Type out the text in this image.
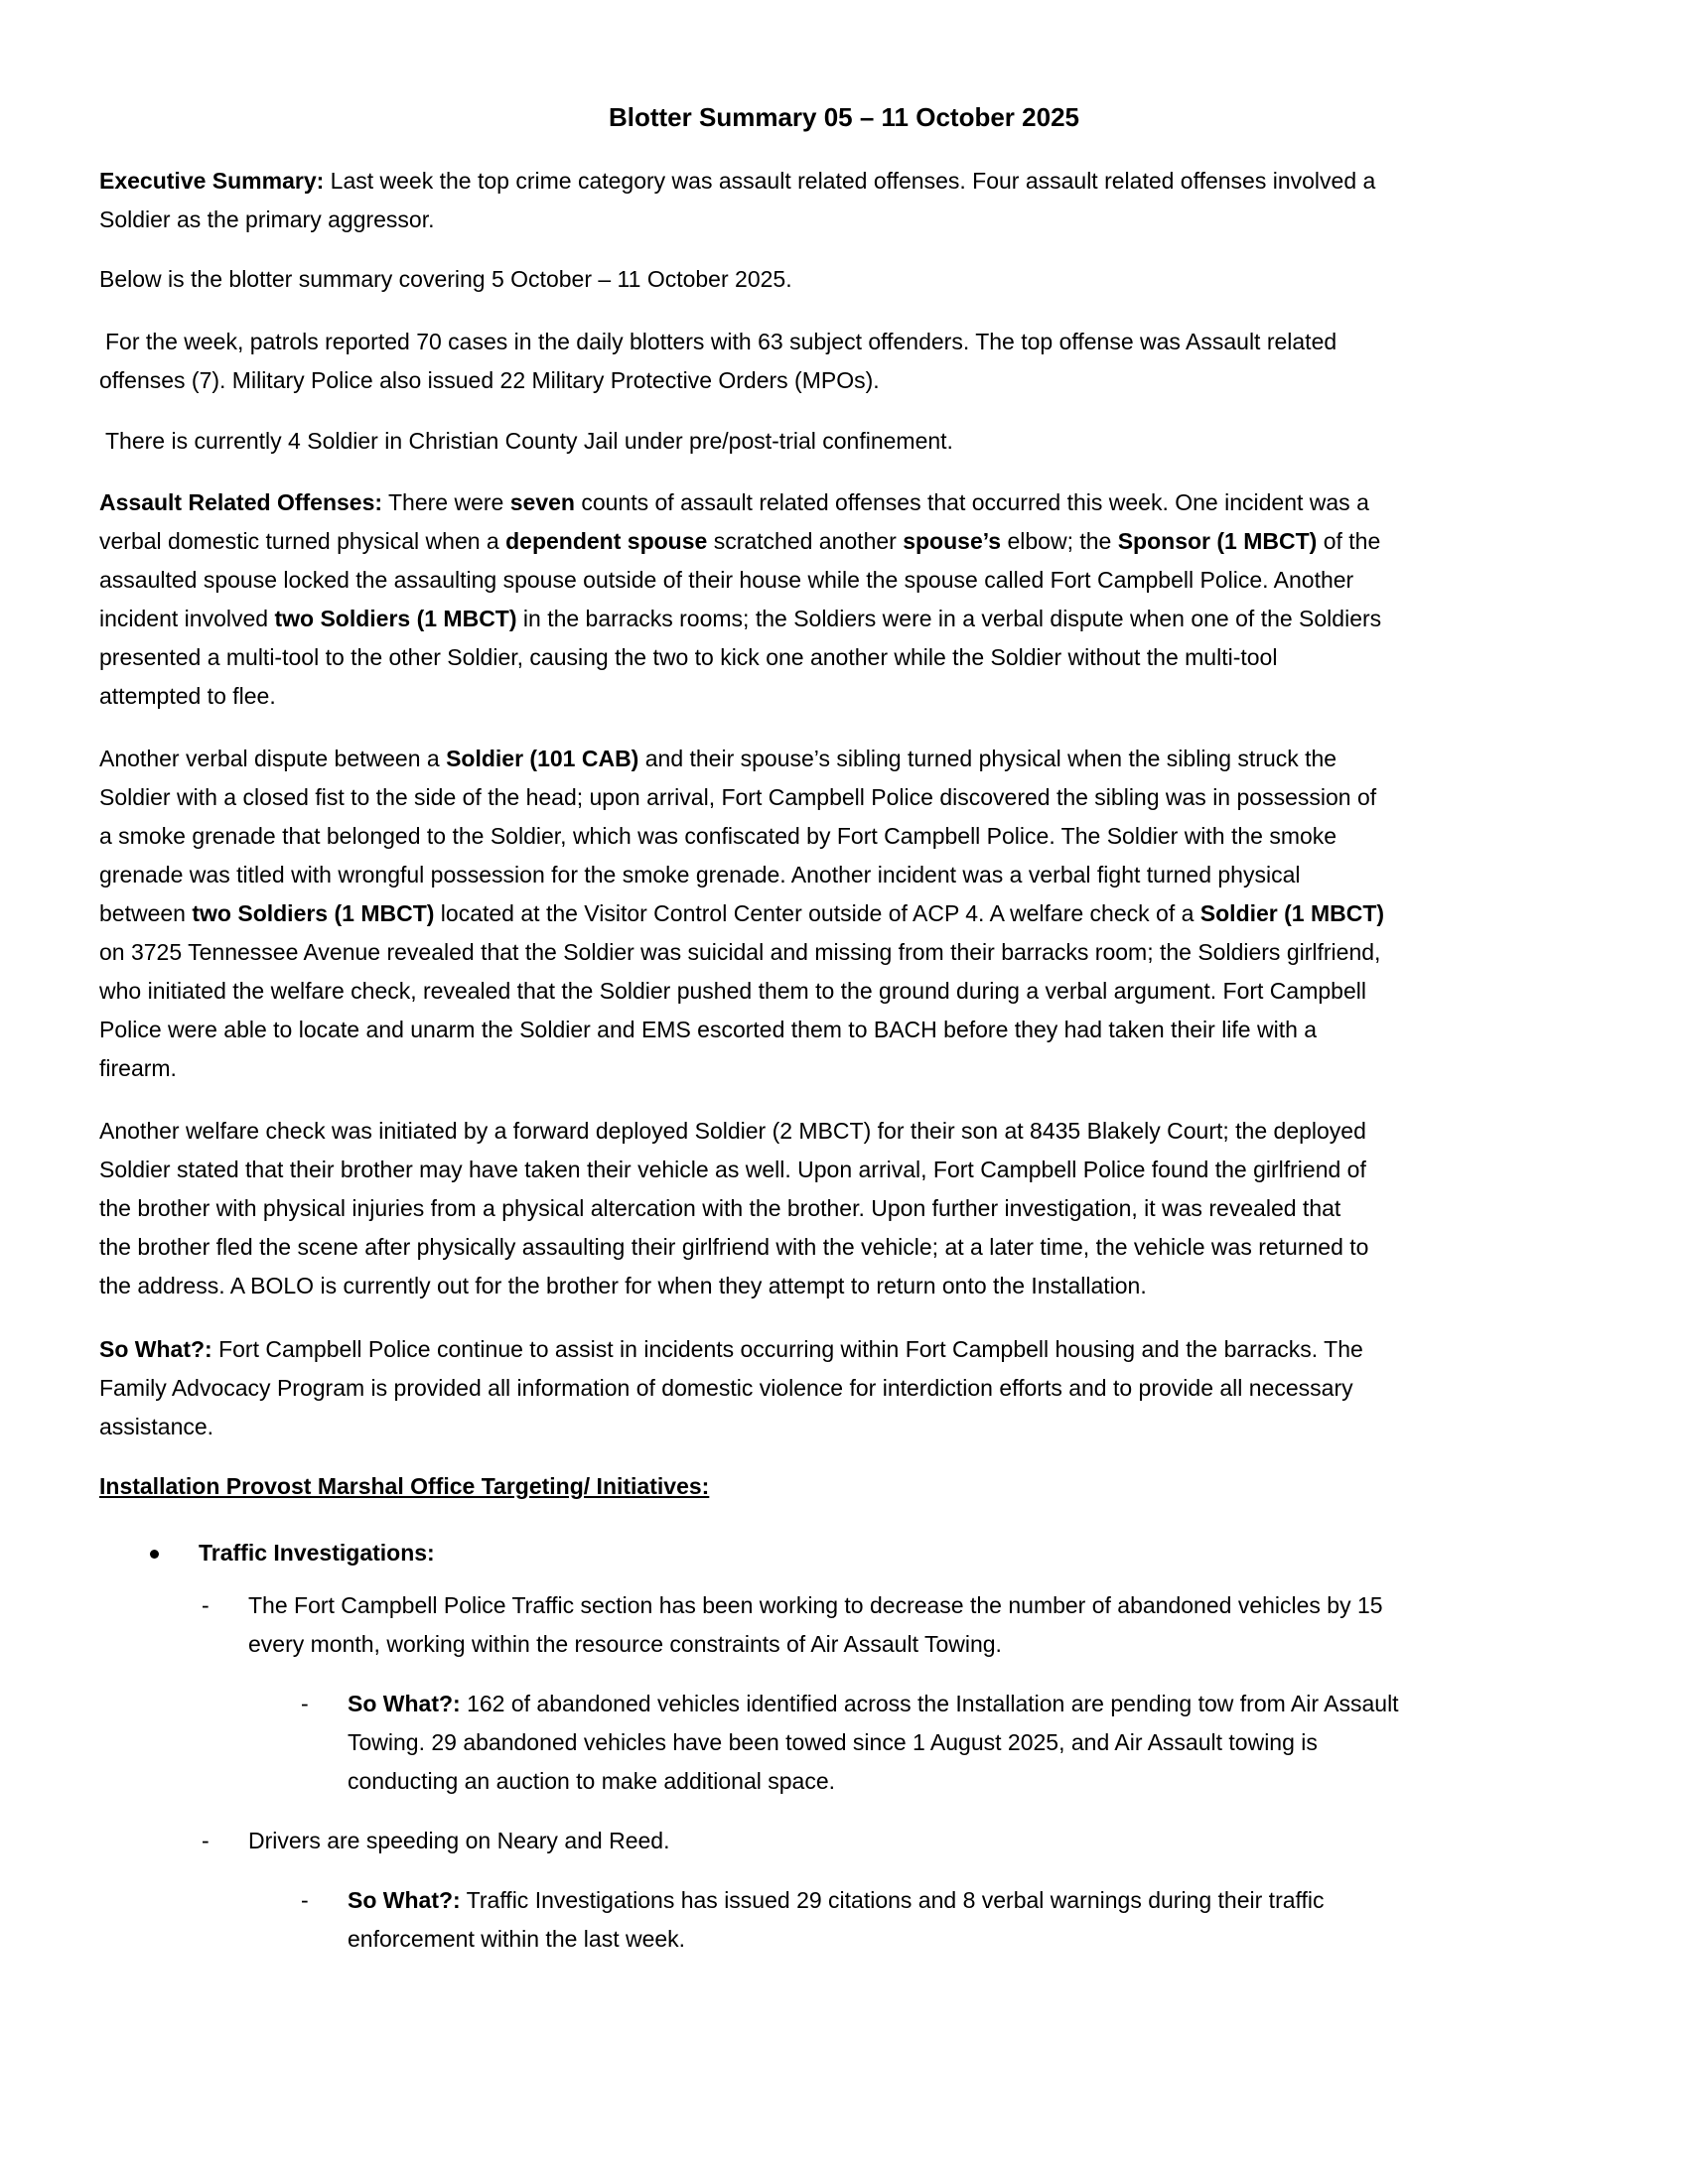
Blotter Summary 05 – 11 October 2025
Executive Summary: Last week the top crime category was assault related offenses. Four assault related offenses involved a
Soldier as the primary aggressor.
Below is the blotter summary covering 5 October – 11 October 2025.
For the week, patrols reported 70 cases in the daily blotters with 63 subject offenders. The top offense was Assault related
offenses (7). Military Police also issued 22 Military Protective Orders (MPOs).
There is currently 4 Soldier in Christian County Jail under pre/post-trial confinement.
Assault Related Offenses: There were seven counts of assault related offenses that occurred this week. One incident was a
verbal domestic turned physical when a dependent spouse scratched another spouse’s elbow; the Sponsor (1 MBCT) of the
assaulted spouse locked the assaulting spouse outside of their house while the spouse called Fort Campbell Police. Another
incident involved two Soldiers (1 MBCT) in the barracks rooms; the Soldiers were in a verbal dispute when one of the Soldiers
presented a multi-tool to the other Soldier, causing the two to kick one another while the Soldier without the multi-tool
attempted to flee.
Another verbal dispute between a Soldier (101 CAB) and their spouse’s sibling turned physical when the sibling struck the
Soldier with a closed fist to the side of the head; upon arrival, Fort Campbell Police discovered the sibling was in possession of
a smoke grenade that belonged to the Soldier, which was confiscated by Fort Campbell Police. The Soldier with the smoke
grenade was titled with wrongful possession for the smoke grenade. Another incident was a verbal fight turned physical
between two Soldiers (1 MBCT) located at the Visitor Control Center outside of ACP 4. A welfare check of a Soldier (1 MBCT)
on 3725 Tennessee Avenue revealed that the Soldier was suicidal and missing from their barracks room; the Soldiers girlfriend,
who initiated the welfare check, revealed that the Soldier pushed them to the ground during a verbal argument. Fort Campbell
Police were able to locate and unarm the Soldier and EMS escorted them to BACH before they had taken their life with a
firearm.
Another welfare check was initiated by a forward deployed Soldier (2 MBCT) for their son at 8435 Blakely Court; the deployed
Soldier stated that their brother may have taken their vehicle as well. Upon arrival, Fort Campbell Police found the girlfriend of
the brother with physical injuries from a physical altercation with the brother. Upon further investigation, it was revealed that
the brother fled the scene after physically assaulting their girlfriend with the vehicle; at a later time, the vehicle was returned to
the address. A BOLO is currently out for the brother for when they attempt to return onto the Installation.
So What?: Fort Campbell Police continue to assist in incidents occurring within Fort Campbell housing and the barracks. The
Family Advocacy Program is provided all information of domestic violence for interdiction efforts and to provide all necessary
assistance.
Installation Provost Marshal Office Targeting/ Initiatives:
Traffic Investigations:
- The Fort Campbell Police Traffic section has been working to decrease the number of abandoned vehicles by 15
every month, working within the resource constraints of Air Assault Towing.
- So What?: 162 of abandoned vehicles identified across the Installation are pending tow from Air Assault
Towing. 29 abandoned vehicles have been towed since 1 August 2025, and Air Assault towing is
conducting an auction to make additional space.
- Drivers are speeding on Neary and Reed.
- So What?: Traffic Investigations has issued 29 citations and 8 verbal warnings during their traffic
enforcement within the last week.
